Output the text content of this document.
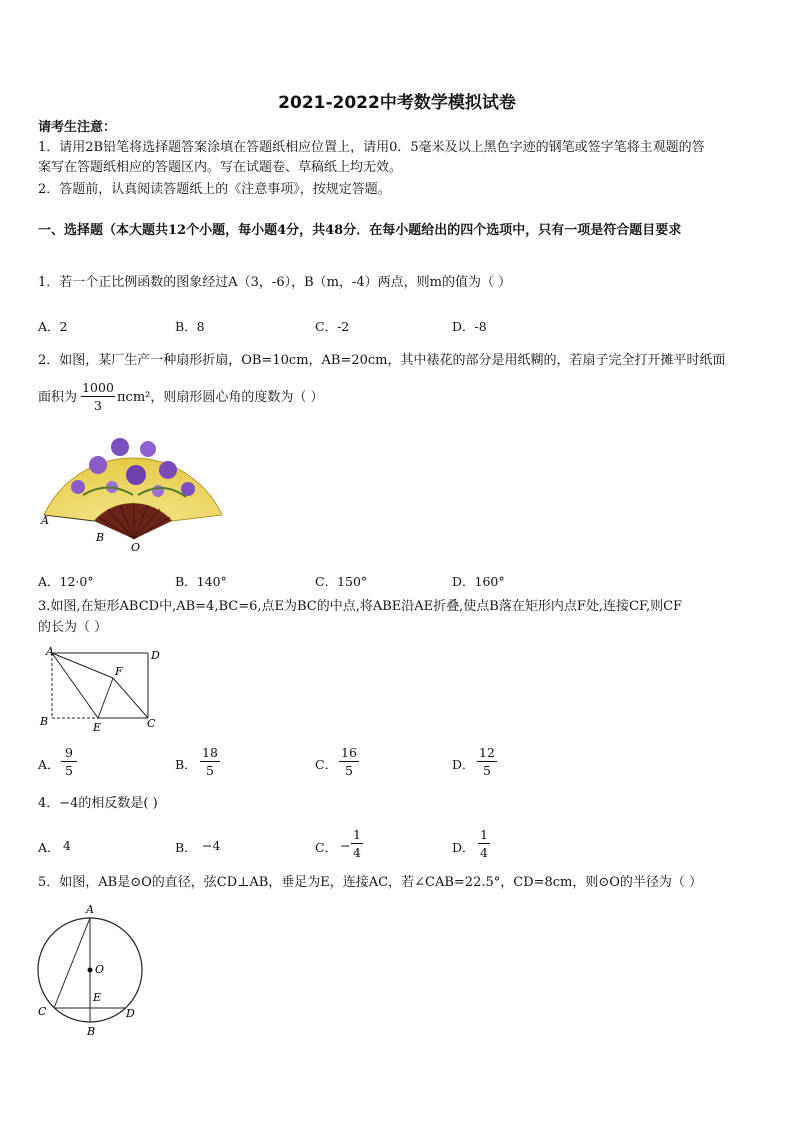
2021-2022中考数学模拟试卷
请考生注意：
1．请用2B铅笔将选择题答案涂填在答题纸相应位置上，请用0．5毫米及以上黑色字迹的钢笔或签字笔将主观题的答
案写在答题纸相应的答题区内。写在试题卷、草稿纸上均无效。
2．答题前，认真阅读答题纸上的《注意事项》，按规定答题。
一、选择题（本大题共12个小题，每小题4分，共48分．在每小题给出的四个选项中，只有一项是符合题目要求
1．若一个正比例函数的图象经过A（3，-6），B（m，-4）两点，则m的值为（ ）
A．2	B．8	C．-2	D．-8
2．如图，某厂生产一种扇形折扇，OB=10cm，AB=20cm，其中裱花的部分是用纸糊的，若扇子完全打开摊平时纸面
面积为
1000
3
πcm²，则扇形圆心角的度数为（ ）
A
B
O
A．12·0°	B．140°	C．150°	D．160°
3.如图,在矩形ABCD中,AB=4,BC=6,点E为BC的中点,将ABE沿AE折叠,使点B落在矩形内点F处,连接CF,则CF
的长为（ ）
A	D
F
B	E	C
A．
9
5	B．
18
5	C．
16
5	D．
12
5
4．−4的相反数是( )
A． 4	B． −4	C． −
1
4	D．
1
4
5．如图，AB是⊙O的直径，弦CD⊥AB，垂足为E，连接AC，若∠CAB=22.5°，CD=8cm，则⊙O的半径为（ ）
A
O
E
C	D
B
